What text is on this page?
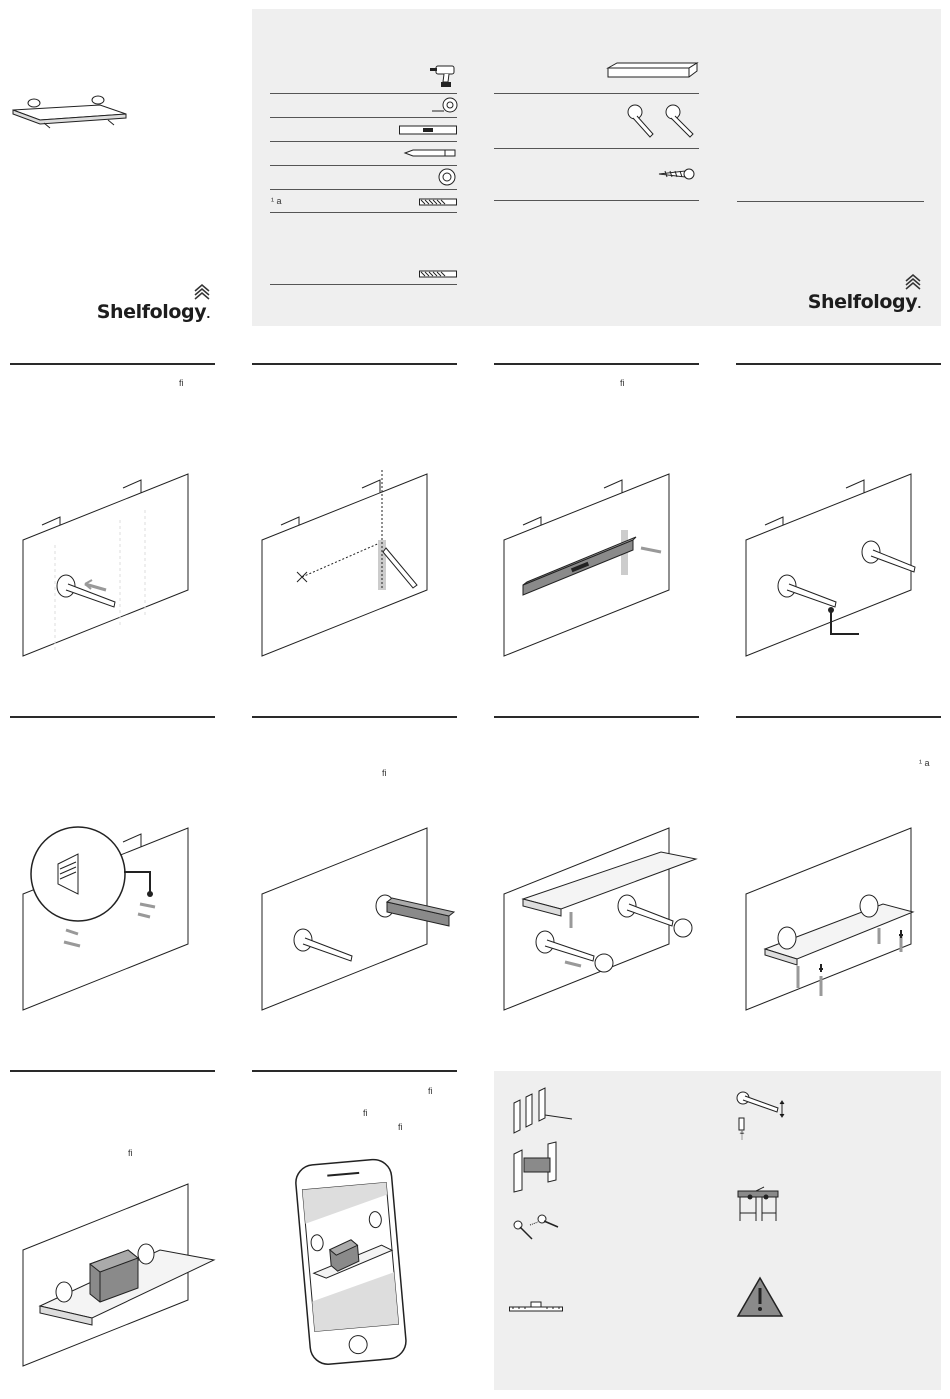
Shelfology.
Shelfology.
¹ a
fi	fi
fi
¹ a
fi
fi
fi
fi
